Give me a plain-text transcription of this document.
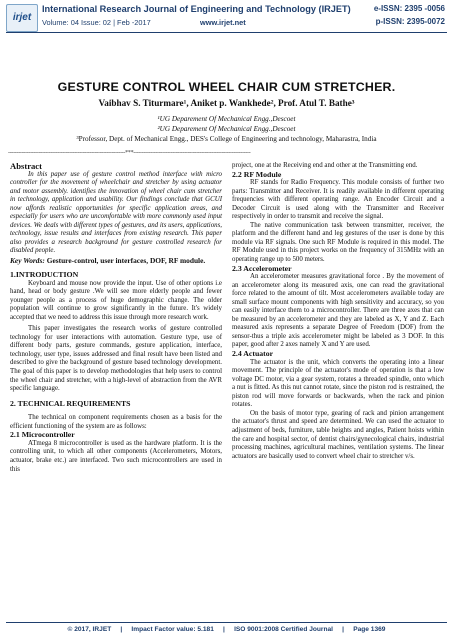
irjet
International Research Journal of Engineering and Technology (IRJET)
Volume: 04 Issue: 02 | Feb -2017	www.irjet.net
e-ISSN: 2395 -0056
p-ISSN: 2395-0072
GESTURE CONTROL WHEEL CHAIR CUM STRETCHER.
Vaibhav S. Titurmare¹, Aniket p. Wankhede², Prof. Atul T. Bathe³
¹UG Deparement Of Mechanical Engg.,Descoet
²UG Deparement Of Mechanical Engg.,Descoet
³Professor, Dept. of Mechanical Engg., DES's College of Engineering and technology, Maharastra, India
---------------------------------------------------------------------***---------------------------------------------------------------------

Abstract

In this paper use of gesture control method interface with micro controller for the movement of wheelchair and stretcher by using actuator and motor assembly. identifies the innovation of wheel chair cum stretcher in technology, application and usability. Our findings conclude that GCUI now affords realistic opportunities for specific application areas, and especially for users who are uncomfortable with more commonly used input devices. We deals with different types of gestures, and its users, applications, technology, issue results and interfaces from existing research. This paper also provides a research background for gesture controlled research for disabled people.

Key Words: Gesture-control, user interfaces, DOF, RF module.

1.INTRODUCTION

Keyboard and mouse now provide the input. Use of other options i.e hand, head or body gesture .We will see more elderly people and fewer younger people as a process of huge demographic change. The older population will continue to grow significantly in the future. It's widely accepted that we need to address this issue through more research work.

This paper investigates the research works of gesture controlled technology for user interactions with automation. Gesture type, use of different body parts, gesture commands, gesture application, interface, technology, user type, issues addressed and final result have been listed and described to give the background of gesture based technology development. The goal of this paper is to develop methodologies that help users to control the wheel chair and stretcher, with a high-level of abstraction from the AVR specific language.

2. TECHNICAL REQUIREMENTS

The technical on component requirements chosen as a basis for the efficient functioning of the system are as follows:

2.1 Microcontroller

ATmega 8 microcontroller is used as the hardware platform. It is the controlling unit, to which all other components (Accelerometers, Motors, actuator, brake etc.) are interfaced. Two such microcontrollers are used in this

project, one at the Receiving end and other at the Transmitting end.

2.2 RF Module

RF stands for Radio Frequency. This module consists of further two parts: Transmitter and Receiver. It is readily available in different operating frequencies with different operating range. An Encoder Circuit and a Decoder Circuit is used along with the Transmitter and Receiver respectively in order to transmit and receive the signal.

The native communication task between transmitter, receiver, the platform and the different hand and leg gestures of the user is done by this module via RF signals. One such RF Module is required in this model. The RF Module used in this project works on the frequency of 315MHz with an operating range up to 500 meters.

2.3 Accelerometer

An accelerometer measures gravitational force . By the movement of an accelerometer along its measured axis, one can read the gravitational force related to the amount of tilt. Most accelerometers available today are small surface mount components with high sensitivity and accuracy, so you can easily interface them to a microcontroller. There are three axes that can be measured by an accelerometer and they are labeled as X, Y and Z. Each measured axis represents a separate Degree of Freedom (DOF) from the sensor-thus a triple axis accelerometer might be labeled as 3 DOF. In this paper, good after 2 axes namely X and Y are used.

2.4 Actuator

The actuator is the unit, which converts the operating into a linear movement. The principle of the actuator's mode of operation is that a low voltage DC motor, via a gear system, rotates a threaded spindle, onto which a nut is fitted. As this nut cannot rotate, since the piston rod is restrained, the piston rod will move forwards or backwards, when the rack and pinion rotates.

On the basis of motor type, gearing of rack and pinion arrangement the actuator's thrust and speed are determined. We can used the actuator to adjustment of beds, furniture, table heights and angles, Patient hoists within the care and hospital sector, of dentist chairs/gynecological chairs, industrial processing machines, agricultural machines, ventilation systems. The linear actuators are basically used to convert wheel chair to stretcher v/s.

© 2017, IRJET     |     Impact Factor value: 5.181     |     ISO 9001:2008 Certified Journal     |     Page 1369
